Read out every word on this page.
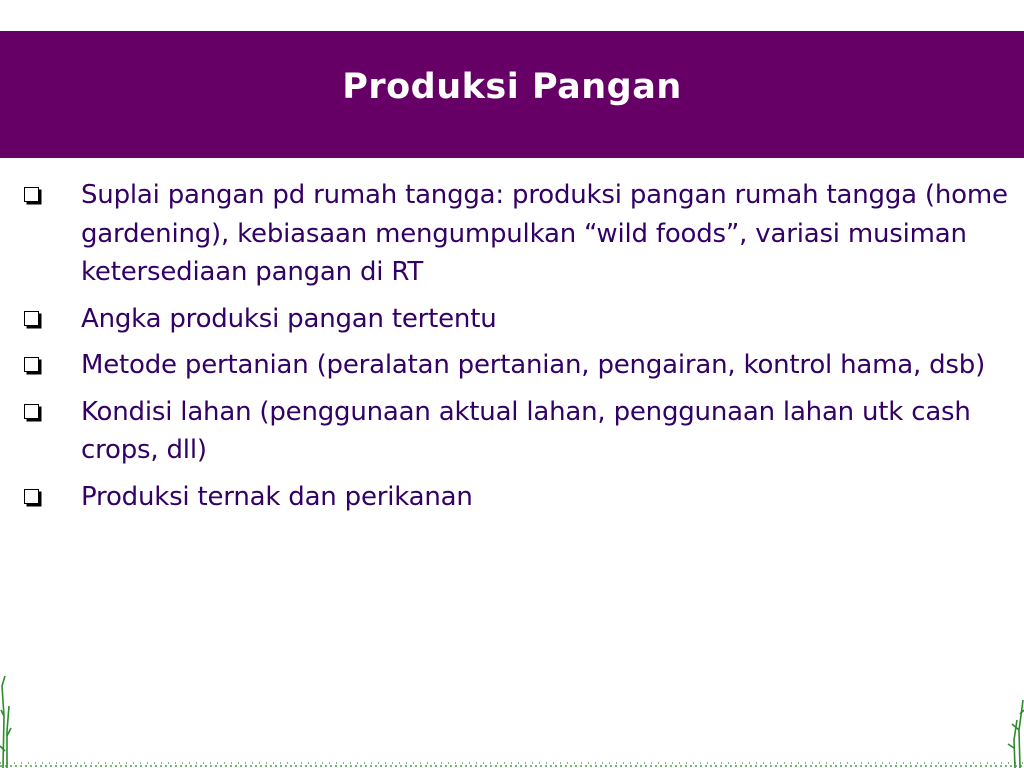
Produksi Pangan
Suplai pangan pd rumah tangga: produksi pangan rumah tangga (home gardening), kebiasaan mengumpulkan “wild foods”, variasi musiman ketersediaan pangan di RT
Angka produksi pangan tertentu
Metode pertanian (peralatan pertanian, pengairan, kontrol hama, dsb)
Kondisi lahan (penggunaan aktual lahan, penggunaan lahan utk cash crops, dll)
Produksi ternak dan perikanan
